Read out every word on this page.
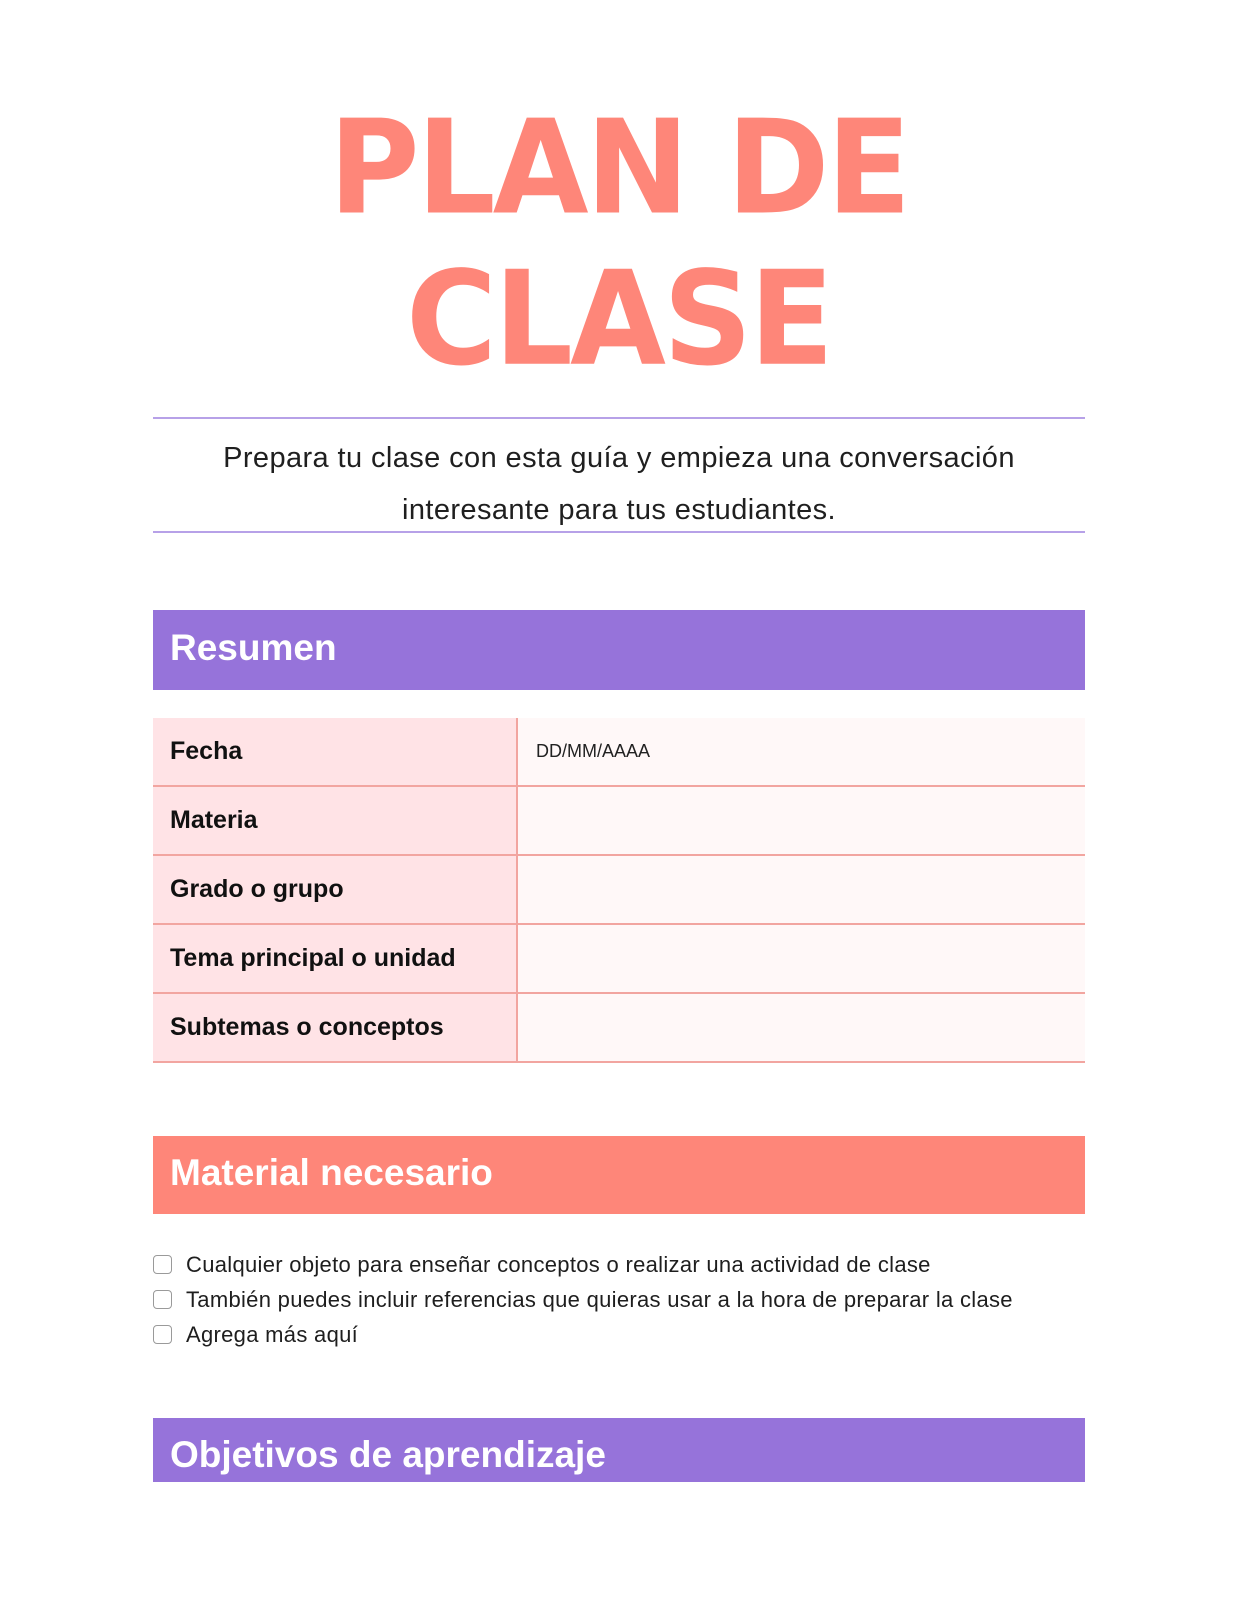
PLAN DE
CLASE
Prepara tu clase con esta guía y empieza una conversación
interesante para tus estudiantes.
Resumen
Fecha	DD/MM/AAAA
Materia
Grado o grupo
Tema principal o unidad
Subtemas o conceptos
Material necesario
Cualquier objeto para enseñar conceptos o realizar una actividad de clase
También puedes incluir referencias que quieras usar a la hora de preparar la clase
Agrega más aquí
Objetivos de aprendizaje
